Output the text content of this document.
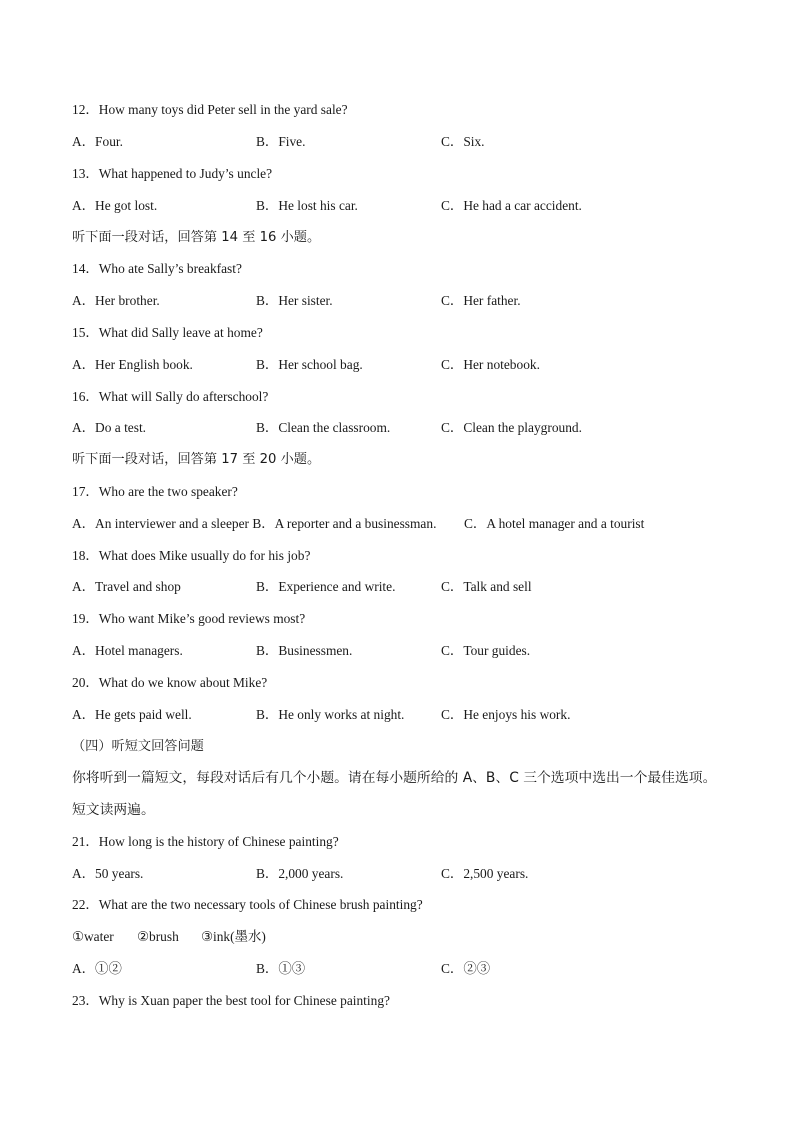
12．How many toys did Peter sell in the yard sale?
A．Four.	B．Five.	C．Six.
13．What happened to Judy’s uncle?
A．He got lost.	B．He lost his car.	C．He had a car accident.
听下面一段对话，回答第 14 至 16 小题。
14．Who ate Sally’s breakfast?
A．Her brother.	B．Her sister.	C．Her father.
15．What did Sally leave at home?
A．Her English book.	B．Her school bag.	C．Her notebook.
16．What will Sally do afterschool?
A．Do a test.	B．Clean the classroom.	C．Clean the playground.
听下面一段对话，回答第 17 至 20 小题。
17．Who are the two speaker?
A．An interviewer and a sleeper B．A reporter and a businessman. C．A hotel manager and a tourist
18．What does Mike usually do for his job?
A．Travel and shop	B．Experience and write.	C．Talk and sell
19．Who want Mike’s good reviews most?
A．Hotel managers.	B．Businessmen.	C．Tour guides.
20．What do we know about Mike?
A．He gets paid well.	B．He only works at night.	C．He enjoys his work.
（四）听短文回答问题
你将听到一篇短文，每段对话后有几个小题。请在每小题所给的 A、B、C 三个选项中选出一个最佳选项。
短文读两遍。
21．How long is the history of Chinese painting?
A．50 years.	B．2,000 years.	C．2,500 years.
22．What are the two necessary tools of Chinese brush painting?
①water ②brush ③ink(墨水)
A．①②	B．①③	C．②③
23．Why is Xuan paper the best tool for Chinese painting?
